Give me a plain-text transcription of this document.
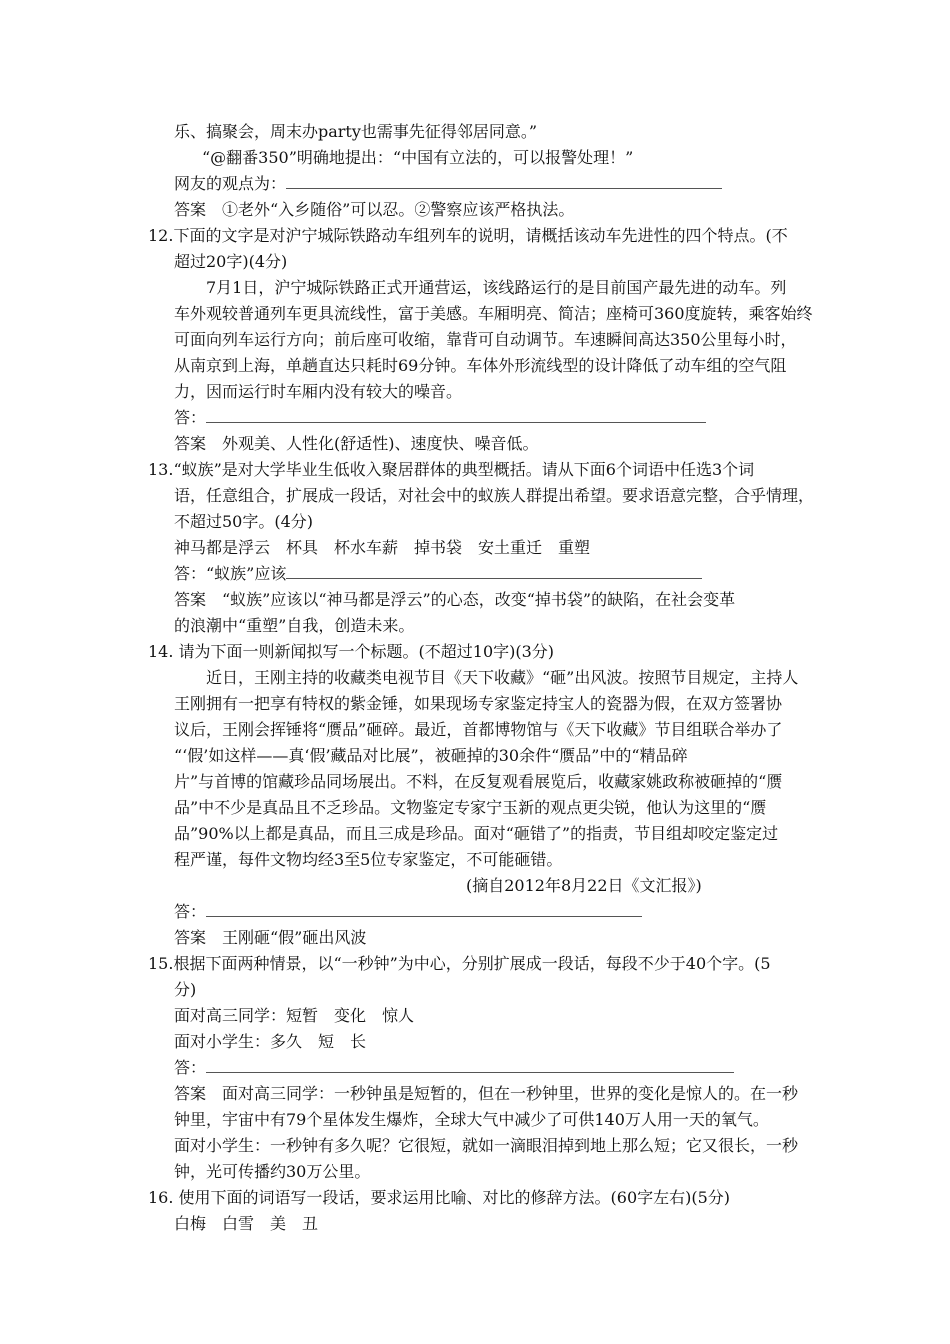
乐、搞聚会，周末办party也需事先征得邻居同意。”
“@翻番350”明确地提出：“中国有立法的，可以报警处理！”
网友的观点为：
答案　①老外“入乡随俗”可以忍。②警察应该严格执法。
12.下面的文字是对沪宁城际铁路动车组列车的说明，请概括该动车先进性的四个特点。(不
超过20字)(4分)
7月1日，沪宁城际铁路正式开通营运，该线路运行的是目前国产最先进的动车。列
车外观较普通列车更具流线性，富于美感。车厢明亮、简洁；座椅可360度旋转，乘客始终
可面向列车运行方向；前后座可收缩，靠背可自动调节。车速瞬间高达350公里每小时，
从南京到上海，单趟直达只耗时69分钟。车体外形流线型的设计降低了动车组的空气阻
力，因而运行时车厢内没有较大的噪音。
答：
答案　外观美、人性化(舒适性)、速度快、噪音低。
13.“蚁族”是对大学毕业生低收入聚居群体的典型概括。请从下面6个词语中任选3个词
语，任意组合，扩展成一段话，对社会中的蚁族人群提出希望。要求语意完整，合乎情理，
不超过50字。(4分)
神马都是浮云　杯具　杯水车薪　掉书袋　安土重迁　重塑
答：“蚁族”应该
答案　“蚁族”应该以“神马都是浮云”的心态，改变“掉书袋”的缺陷，在社会变革
的浪潮中“重塑”自我，创造未来。
14. 请为下面一则新闻拟写一个标题。(不超过10字)(3分)
近日，王刚主持的收藏类电视节目《天下收藏》“砸”出风波。按照节目规定，主持人
王刚拥有一把享有特权的紫金锤，如果现场专家鉴定持宝人的瓷器为假，在双方签署协
议后，王刚会挥锤将“赝品”砸碎。最近，首都博物馆与《天下收藏》节目组联合举办了
“‘假’如这样——真‘假’藏品对比展”，被砸掉的30余件“赝品”中的“精品碎
片”与首博的馆藏珍品同场展出。不料，在反复观看展览后，收藏家姚政称被砸掉的“赝
品”中不少是真品且不乏珍品。文物鉴定专家宁玉新的观点更尖锐，他认为这里的“赝
品”90%以上都是真品，而且三成是珍品。面对“砸错了”的指责，节目组却咬定鉴定过
程严谨，每件文物均经3至5位专家鉴定，不可能砸错。
(摘自2012年8月22日《文汇报》)
答：
答案　王刚砸“假”砸出风波
15.根据下面两种情景，以“一秒钟”为中心，分别扩展成一段话，每段不少于40个字。(5
分)
面对高三同学：短暂　变化　惊人
面对小学生：多久　短　长
答：
答案　面对高三同学：一秒钟虽是短暂的，但在一秒钟里，世界的变化是惊人的。在一秒
钟里，宇宙中有79个星体发生爆炸，全球大气中减少了可供140万人用一天的氧气。
面对小学生：一秒钟有多久呢？它很短，就如一滴眼泪掉到地上那么短；它又很长，一秒
钟，光可传播约30万公里。
16. 使用下面的词语写一段话，要求运用比喻、对比的修辞方法。(60字左右)(5分)
白梅　白雪　美　丑
